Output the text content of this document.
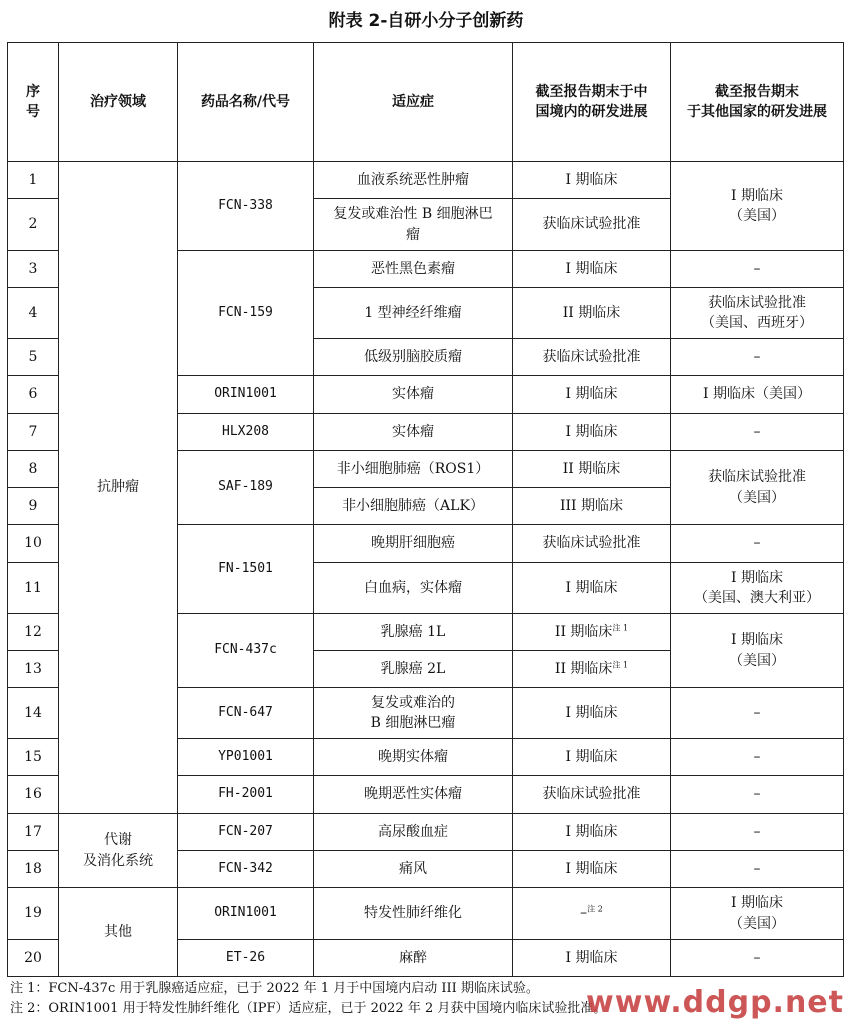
附表 2-自研小分子创新药
序
号	治疗领域	药品名称/代号	适应症	截至报告期末于中
国境内的研发进展	截至报告期末
于其他国家的研发进展
1	抗肿瘤	FCN-338	血液系统恶性肿瘤	I 期临床	I 期临床
（美国）
2			复发或难治性 B 细胞淋巴
瘤	获临床试验批准	
3		FCN-159	恶性黑色素瘤	I 期临床	–
4			1 型神经纤维瘤	II 期临床	获临床试验批准
（美国、西班牙）
5			低级别脑胶质瘤	获临床试验批准	–
6		ORIN1001	实体瘤	I 期临床	I 期临床（美国）
7		HLX208	实体瘤	I 期临床	–
8		SAF-189	非小细胞肺癌（ROS1）	II 期临床	获临床试验批准
（美国）
9			非小细胞肺癌（ALK）	III 期临床	
10		FN-1501	晚期肝细胞癌	获临床试验批准	–
11			白血病，实体瘤	I 期临床	I 期临床
（美国、澳大利亚）
12		FCN-437c	乳腺癌 1L	II 期临床$^{注 1}$	I 期临床
（美国）
13			乳腺癌 2L	II 期临床$^{注 1}$
14		FCN-647	复发或难治的
B 细胞淋巴瘤	I 期临床	–
15		YP01001	晚期实体瘤	I 期临床	–
16		FH-2001	晚期恶性实体瘤	获临床试验批准	–
17	代谢
及消化系统	FCN-207	高尿酸血症	I 期临床	–
18		FCN-342	痛风	I 期临床	–
19	其他	ORIN1001	特发性肺纤维化	–$^{注 2}$	I 期临床
（美国）
20		ET-26	麻醉	I 期临床	–
注 1：FCN-437c 用于乳腺癌适应症，已于 2022 年 1 月于中国境内启动 III 期临床试验。
注 2：ORIN1001 用于特发性肺纤维化（IPF）适应症，已于 2022 年 2 月获中国境内临床试验批准。
www.ddgp.net
